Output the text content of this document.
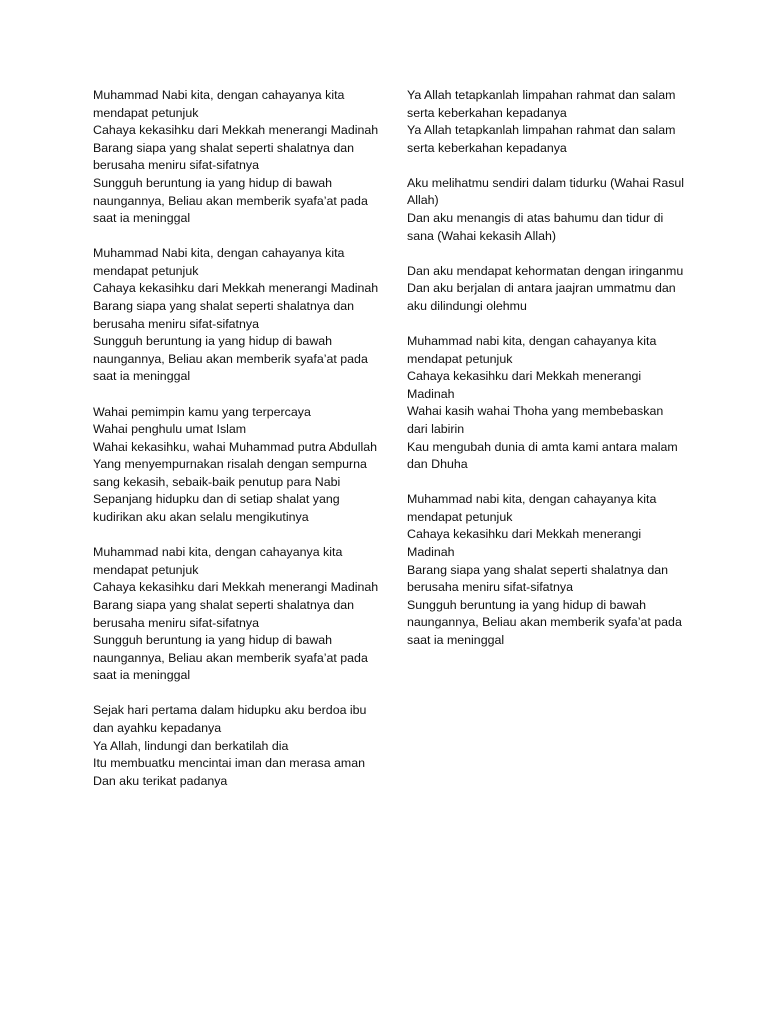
Muhammad Nabi kita, dengan cahayanya kita mendapat petunjuk
Cahaya kekasihku dari Mekkah menerangi Madinah
Barang siapa yang shalat seperti shalatnya dan berusaha meniru sifat-sifatnya
Sungguh beruntung ia yang hidup di bawah naungannya, Beliau akan memberik syafa’at pada saat ia meninggal
Muhammad Nabi kita, dengan cahayanya kita mendapat petunjuk
Cahaya kekasihku dari Mekkah menerangi Madinah
Barang siapa yang shalat seperti shalatnya dan berusaha meniru sifat-sifatnya
Sungguh beruntung ia yang hidup di bawah naungannya, Beliau akan memberik syafa’at pada saat ia meninggal
Wahai pemimpin kamu yang terpercaya
Wahai penghulu umat Islam
Wahai kekasihku, wahai Muhammad putra Abdullah
Yang menyempurnakan risalah dengan sempurna sang kekasih, sebaik-baik penutup para Nabi
Sepanjang hidupku dan di setiap shalat yang kudirikan aku akan selalu mengikutinya
Muhammad nabi kita, dengan cahayanya kita mendapat petunjuk
Cahaya kekasihku dari Mekkah menerangi Madinah
Barang siapa yang shalat seperti shalatnya dan berusaha meniru sifat-sifatnya
Sungguh beruntung ia yang hidup di bawah naungannya, Beliau akan memberik syafa’at pada saat ia meninggal
Sejak hari pertama dalam hidupku aku berdoa ibu dan ayahku kepadanya
Ya Allah, lindungi dan berkatilah dia
Itu membuatku mencintai iman dan merasa aman
Dan aku terikat padanya
Ya Allah tetapkanlah limpahan rahmat dan salam serta keberkahan kepadanya
Ya Allah tetapkanlah limpahan rahmat dan salam serta keberkahan kepadanya
Aku melihatmu sendiri dalam tidurku (Wahai Rasul Allah)
Dan aku menangis di atas bahumu dan tidur di sana (Wahai kekasih Allah)
Dan aku mendapat kehormatan dengan iringanmu
Dan aku berjalan di antara jaajran ummatmu dan aku dilindungi olehmu
Muhammad nabi kita, dengan cahayanya kita mendapat petunjuk
Cahaya kekasihku dari Mekkah menerangi Madinah
Wahai kasih wahai Thoha yang membebaskan dari labirin
Kau mengubah dunia di amta kami antara malam dan Dhuha
Muhammad nabi kita, dengan cahayanya kita mendapat petunjuk
Cahaya kekasihku dari Mekkah menerangi Madinah
Barang siapa yang shalat seperti shalatnya dan berusaha meniru sifat-sifatnya
Sungguh beruntung ia yang hidup di bawah naungannya, Beliau akan memberik syafa’at pada saat ia meninggal
